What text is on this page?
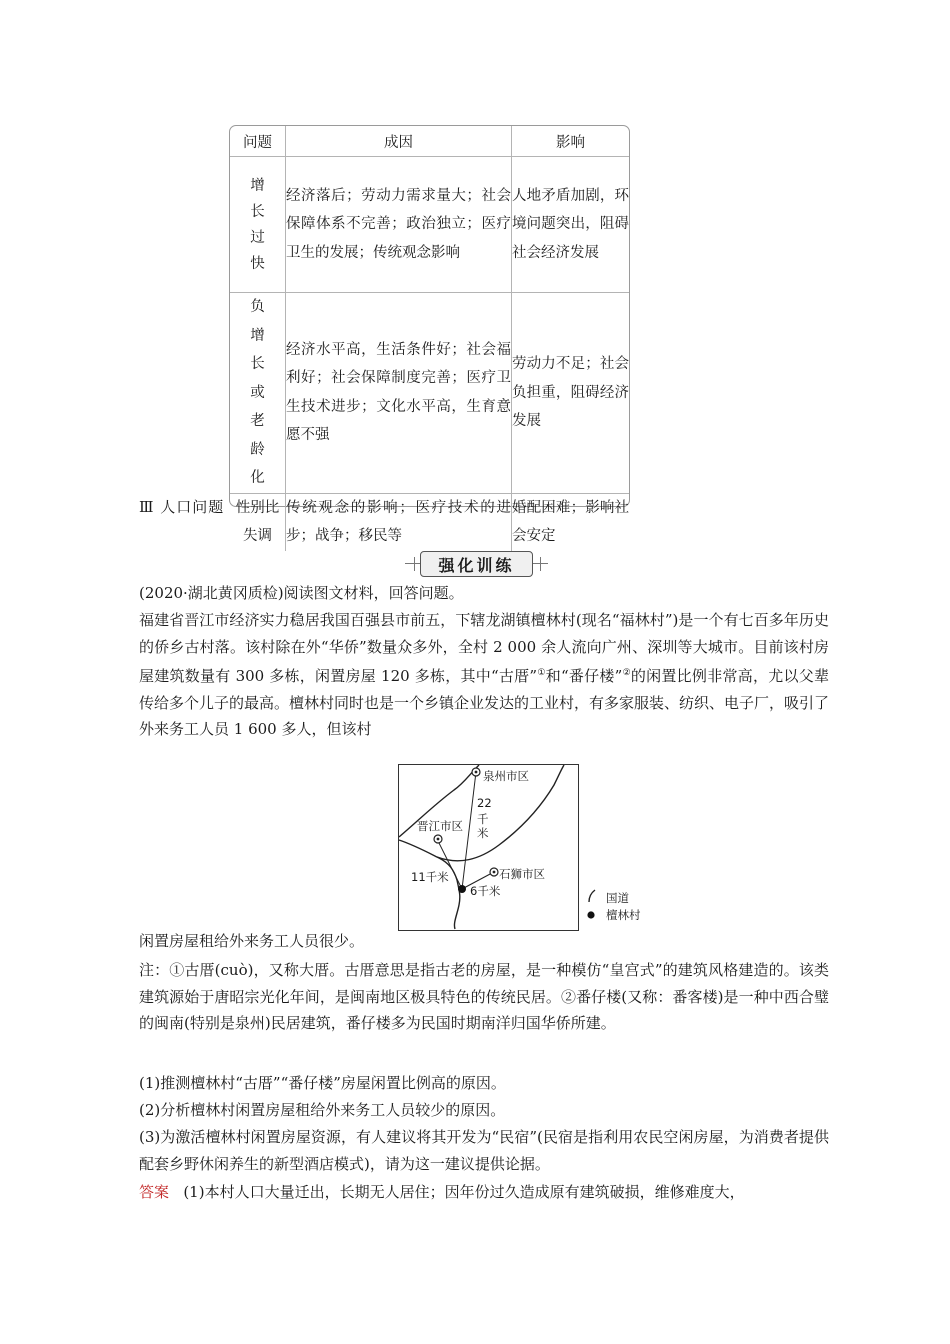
问题	成因	影响

增长过快	经济落后；劳动力需求量大；社会保障体系不完善；政治独立；医疗卫生的发展；传统观念影响	人地矛盾加剧，环境问题突出，阻碍社会经济发展

负增长或老龄化	经济水平高，生活条件好；社会福利好；社会保障制度完善；医疗卫生技术进步；文化水平高，生育意愿不强	劳动力不足；社会负担重，阻碍经济发展

性别比失调	传统观念的影响；医疗技术的进步；战争；移民等	婚配困难；影响社会安定
Ⅲ 人口问题
强化训练
(2020·湖北黄冈质检)阅读图文材料，回答问题。
福建省晋江市经济实力稳居我国百强县市前五，下辖龙湖镇檀林村(现名“福林村”)是一个有七百多年历史的侨乡古村落。该村除在外“华侨”数量众多外，全村 2 000 余人流向广州、深圳等大城市。目前该村房屋建筑数量有 300 多栋，闲置房屋 120 多栋，其中“古厝”①和“番仔楼”②的闲置比例非常高，尤以父辈传给多个儿子的最高。檀林村同时也是一个乡镇企业发达的工业村，有多家服装、纺织、电子厂，吸引了外来务工人员 1 600 多人，但该村
泉州市区
22
千
米
晋江市区
石狮市区
11千米
6千米	国道
檀林村
闲置房屋租给外来务工人员很少。
注：①古厝(cuò)，又称大厝。古厝意思是指古老的房屋，是一种模仿“皇宫式”的建筑风格建造的。该类建筑源始于唐昭宗光化年间，是闽南地区极具特色的传统民居。②番仔楼(又称：番客楼)是一种中西合璧的闽南(特别是泉州)民居建筑，番仔楼多为民国时期南洋归国华侨所建。
(1)推测檀林村“古厝”“番仔楼”房屋闲置比例高的原因。
(2)分析檀林村闲置房屋租给外来务工人员较少的原因。
(3)为激活檀林村闲置房屋资源，有人建议将其开发为“民宿”(民宿是指利用农民空闲房屋，为消费者提供配套乡野休闲养生的新型酒店模式)，请为这一建议提供论据。
答案 (1)本村人口大量迁出，长期无人居住；因年份过久造成原有建筑破损，维修难度大，
